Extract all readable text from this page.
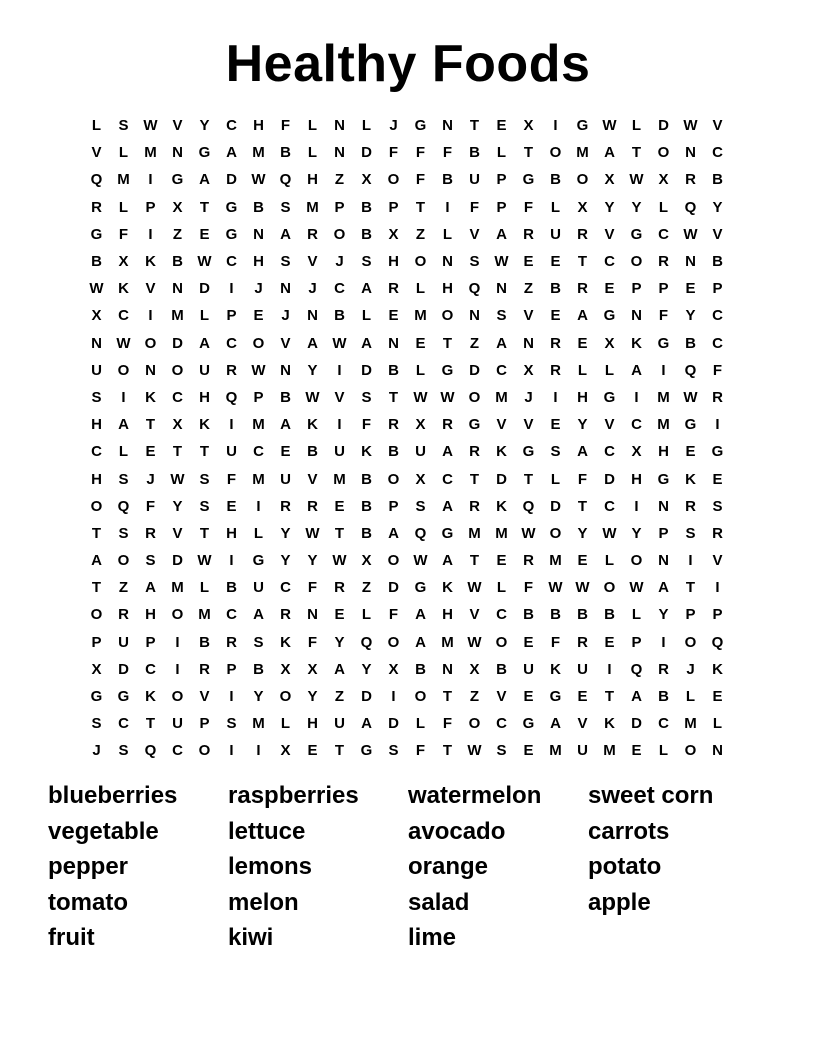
Healthy Foods
L	S W V	Y	C	H	F	L	N	L	J	G	N	T	E	X	I	G W	L	D W V
V	L	M	N	G	A	M	B	L	N	D	F	F	F	B	L	T	O M	A	T	O	N	C
Q M	I	G	A	D W Q	H	Z	X	O	F	B	U	P	G	B	O	X W X	R	B
R	L	P	X	T	G	B	S	M	P	B	P	T	I	F	P	F	L	X	Y	Y	L	Q	Y
G	F	I	Z	E	G	N	A	R	O	B	X	Z	L	V	A	R	U	R	V	G	C W V
B	X	K	B W C	H	S	V	J	S	H	O	N	S W E	E	T	C	O	R	N	B
W K	V	N	D	I	J	N	J	C	A	R	L	H	Q	N	Z	B	R	E	P	P	E	P
X	C	I	M	L	P	E	J	N	B	L	E	M O	N	S	V	E	A	G	N	F	Y	C
N W O	D	A	C	O	V	A W A	N	E	T	Z	A	N	R	E	X	K	G	B	C
U	O	N	O	U	R W N	Y	I	D	B	L	G	D	C	X	R	L	L	A	I	Q	F
S	I	K	C	H	Q	P	B W V	S	T	W W O M	J	I	H	G	I	M W R
H	A	T	X	K	I	M	A	K	I	F	R	X	R	G	V	V	E	Y	V	C	M G	I
C	L	E	T	T	U	C	E	B	U	K	B	U	A	R	K	G	S	A	C	X	H	E	G
H	S	J	W S	F	M	U	V	M	B	O	X	C	T	D	T	L	F	D	H	G	K	E
O	Q	F	Y	S	E	I	R	R	E	B	P	S	A	R	K	Q	D	T	C	I	N	R	S
T	S	R	V	T	H	L	Y W	T	B	A	Q	G M M W O	Y W Y	P	S	R
A	O	S	D W	I	G	Y	Y W X	O W A	T	E	R	M	E	L	O	N	I	V
T	Z	A	M	L	B	U	C	F	R	Z	D	G	K W	L	F	W W O W A	T	I
O	R	H	O M	C	A	R	N	E	L	F	A	H	V	C	B	B	B	B	L	Y	P	P
P	U	P	I	B	R	S	K	F	Y	Q	O	A	M W O	E	F	R	E	P	I	O	Q
X	D	C	I	R	P	B	X	X	A	Y	X	B	N	X	B	U	K	U	I	Q	R	J	K
G	G	K	O	V	I	Y	O	Y	Z	D	I	O	T	Z	V	E	G	E	T	A	B	L	E
S	C	T	U	P	S	M	L	H	U	A	D	L	F	O	C	G	A	V	K	D	C	M	L
J	S	Q	C	O	I	I	X	E	T	G	S	F	T	W S	E	M	U	M	E	L	O	N
blueberries	raspberries	watermelon	sweet corn
vegetable	lettuce	avocado	carrots
pepper	lemons	orange	potato
tomato	melon	salad	apple
fruit	kiwi	lime
